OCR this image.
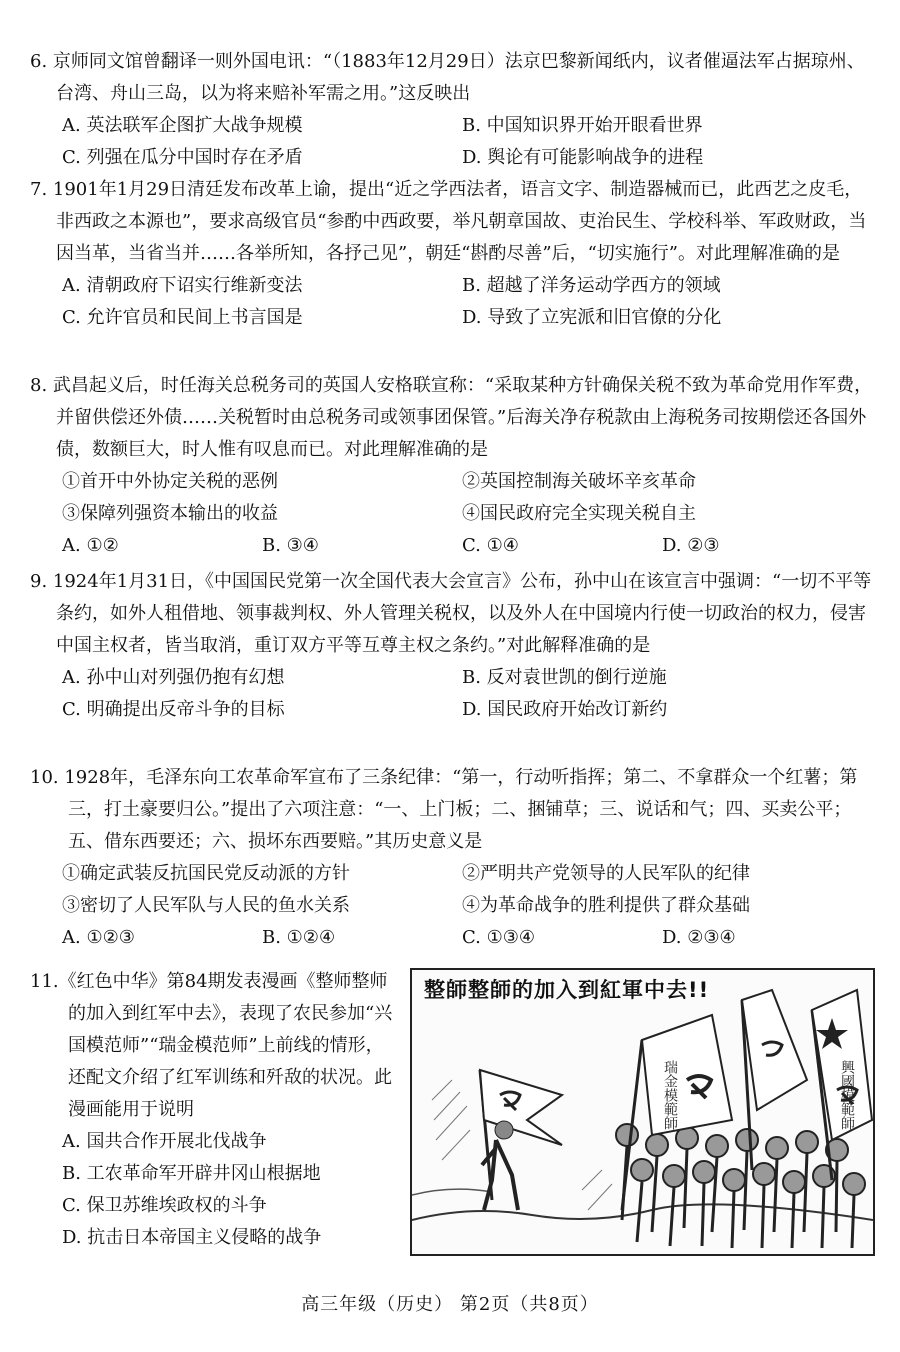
6. 京师同文馆曾翻译一则外国电讯：“（1883年12月29日）法京巴黎新闻纸内，议者催逼法军占据琼州、台湾、舟山三岛，以为将来赔补军需之用。”这反映出
A. 英法联军企图扩大战争规模	B. 中国知识界开始开眼看世界
C. 列强在瓜分中国时存在矛盾	D. 舆论有可能影响战争的进程
7. 1901年1月29日清廷发布改革上谕，提出“近之学西法者，语言文字、制造器械而已，此西艺之皮毛，非西政之本源也”，要求高级官员“参酌中西政要，举凡朝章国故、吏治民生、学校科举、军政财政，当因当革，当省当并……各举所知，各抒己见”，朝廷“斟酌尽善”后，“切实施行”。对此理解准确的是
A. 清朝政府下诏实行维新变法	B. 超越了洋务运动学西方的领域
C. 允许官员和民间上书言国是	D. 导致了立宪派和旧官僚的分化
8. 武昌起义后，时任海关总税务司的英国人安格联宣称：“采取某种方针确保关税不致为革命党用作军费，并留供偿还外债……关税暂时由总税务司或领事团保管。”后海关净存税款由上海税务司按期偿还各国外债，数额巨大，时人惟有叹息而已。对此理解准确的是
①首开中外协定关税的恶例	②英国控制海关破坏辛亥革命
③保障列强资本输出的收益	④国民政府完全实现关税自主
A. ①②	B. ③④	C. ①④	D. ②③
9. 1924年1月31日，《中国国民党第一次全国代表大会宣言》公布，孙中山在该宣言中强调：“一切不平等条约，如外人租借地、领事裁判权、外人管理关税权，以及外人在中国境内行使一切政治的权力，侵害中国主权者，皆当取消，重订双方平等互尊主权之条约。”对此解释准确的是
A. 孙中山对列强仍抱有幻想	B. 反对袁世凯的倒行逆施
C. 明确提出反帝斗争的目标	D. 国民政府开始改订新约
10. 1928年，毛泽东向工农革命军宣布了三条纪律：“第一，行动听指挥；第二、不拿群众一个红薯；第三，打土豪要归公。”提出了六项注意：“一、上门板；二、捆铺草；三、说话和气；四、买卖公平；五、借东西要还；六、损坏东西要赔。”其历史意义是
①确定武装反抗国民党反动派的方针	②严明共产党领导的人民军队的纪律
③密切了人民军队与人民的鱼水关系	④为革命战争的胜利提供了群众基础
A. ①②③	B. ①②④	C. ①③④	D. ②③④
11.《红色中华》第84期发表漫画《整师整师的加入到红军中去》，表现了农民参加“兴国模范师”“瑞金模范师”上前线的情形，还配文介绍了红军训练和歼敌的状况。此漫画能用于说明
A. 国共合作开展北伐战争
B. 工农革命军开辟井冈山根据地
C. 保卫苏维埃政权的斗争
D. 抗击日本帝国主义侵略的战争
瑞金模範師	興國模範師
整師整師的加入到紅軍中去!!
高三年级（历史） 第2页（共8页）
